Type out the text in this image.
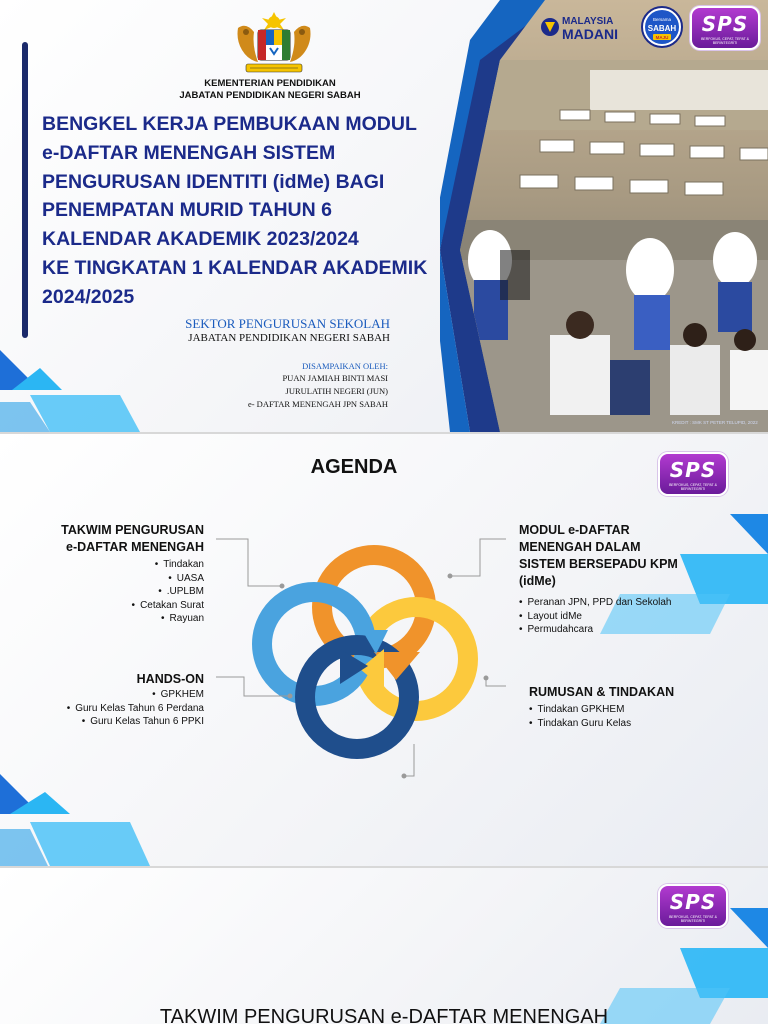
KEMENTERIAN PENDIDIKAN
JABATAN PENDIDIKAN NEGERI SABAH
BENGKEL KERJA PEMBUKAAN MODUL
e-DAFTAR MENENGAH SISTEM
PENGURUSAN IDENTITI (idMe) BAGI
PENEMPATAN MURID TAHUN 6
KALENDAR AKADEMIK 2023/2024
KE TINGKATAN 1 KALENDAR AKADEMIK
2024/2025
SEKTOR PENGURUSAN SEKOLAH
JABATAN PENDIDIKAN NEGERI SABAH
DISAMPAIKAN OLEH:
PUAN JAMIAH BINTI MASI
JURULATIH NEGERI (JUN)
e- DAFTAR MENENGAH JPN SABAH
KREDIT : SMK ST PETER TELUPID, 2022
MALAYSIA
MADANI
Bersama
SABAH
MAJU
SPS
BERFOKUS, CEPAT, TEPAT & BERINTEGRITI
AGENDA	SPS
BERFOKUS, CEPAT, TEPAT & BERINTEGRITI
TAKWIM PENGURUSAN
e-DAFTAR MENENGAH
• Tindakan
• UASA
• .UPLBM
• Cetakan Surat
• Rayuan
MODUL e-DAFTAR
MENENGAH DALAM
SISTEM BERSEPADU KPM
(idMe)
• Peranan JPN, PPD dan Sekolah
• Layout idMe
• Permudahcara
HANDS-ON
• GPKHEM
• Guru Kelas Tahun 6 Perdana
• Guru Kelas Tahun 6 PPKI
RUMUSAN & TINDAKAN
• Tindakan GPKHEM
• Tindakan Guru Kelas
SPS
BERFOKUS, CEPAT, TEPAT & BERINTEGRITI
TAKWIM PENGURUSAN e-DAFTAR MENENGAH
